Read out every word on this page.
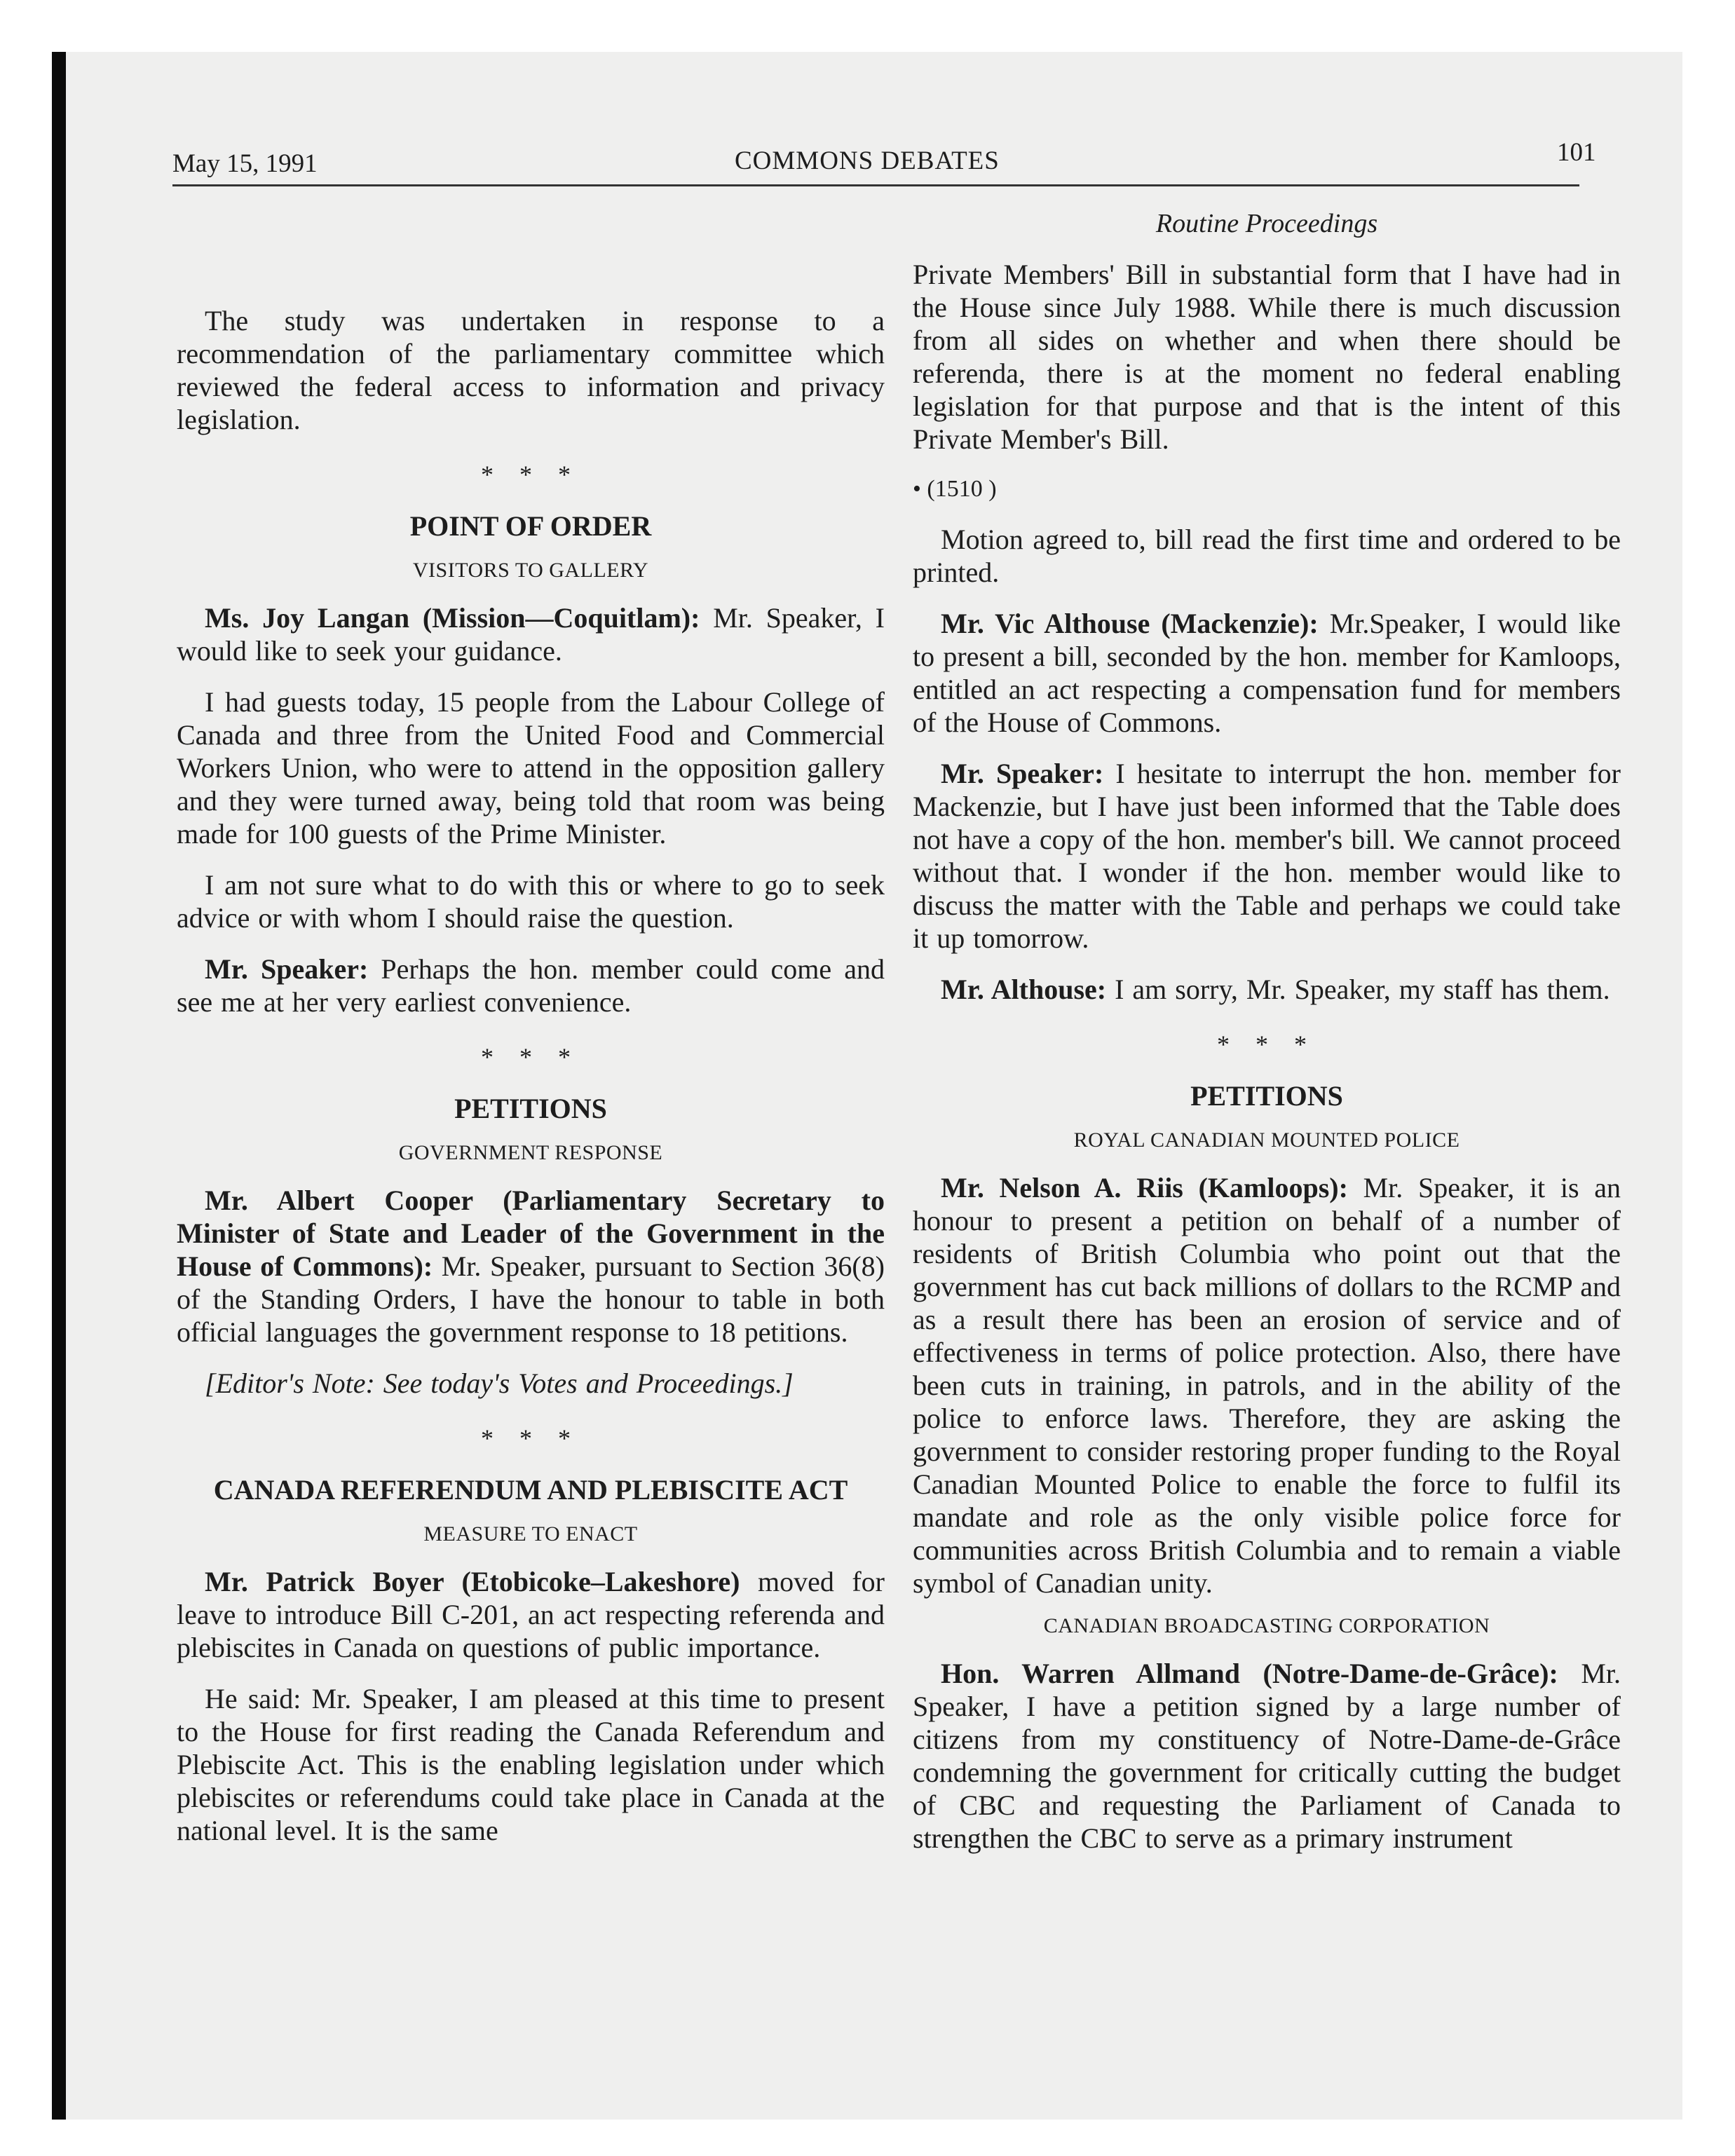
May 15, 1991	COMMONS DEBATES	101

The study was undertaken in response to a recommendation of the parliamentary committee which reviewed the federal access to information and privacy legislation.

* * *
POINT OF ORDER
VISITORS TO GALLERY

Ms. Joy Langan (Mission—Coquitlam): Mr. Speaker, I would like to seek your guidance.

I had guests today, 15 people from the Labour College of Canada and three from the United Food and Commercial Workers Union, who were to attend in the opposition gallery and they were turned away, being told that room was being made for 100 guests of the Prime Minister.

I am not sure what to do with this or where to go to seek advice or with whom I should raise the question.

Mr. Speaker: Perhaps the hon. member could come and see me at her very earliest convenience.

* * *
PETITIONS
GOVERNMENT RESPONSE

Mr. Albert Cooper (Parliamentary Secretary to Minister of State and Leader of the Government in the House of Commons): Mr. Speaker, pursuant to Section 36(8) of the Standing Orders, I have the honour to table in both official languages the government response to 18 petitions.

[Editor's Note: See today's Votes and Proceedings.]

* * *
CANADA REFERENDUM AND PLEBISCITE ACT
MEASURE TO ENACT

Mr. Patrick Boyer (Etobicoke–Lakeshore) moved for leave to introduce Bill C-201, an act respecting referenda and plebiscites in Canada on questions of public importance.

He said: Mr. Speaker, I am pleased at this time to present to the House for first reading the Canada Referendum and Plebiscite Act. This is the enabling legislation under which plebiscites or referendums could take place in Canada at the national level. It is the same

Routine Proceedings

Private Members' Bill in substantial form that I have had in the House since July 1988. While there is much discussion from all sides on whether and when there should be referenda, there is at the moment no federal enabling legislation for that purpose and that is the intent of this Private Member's Bill.

• (1510 )

Motion agreed to, bill read the first time and ordered to be printed.

Mr. Vic Althouse (Mackenzie): Mr.Speaker, I would like to present a bill, seconded by the hon. member for Kamloops, entitled an act respecting a compensation fund for members of the House of Commons.

Mr. Speaker: I hesitate to interrupt the hon. member for Mackenzie, but I have just been informed that the Table does not have a copy of the hon. member's bill. We cannot proceed without that. I wonder if the hon. member would like to discuss the matter with the Table and perhaps we could take it up tomorrow.

Mr. Althouse: I am sorry, Mr. Speaker, my staff has them.

* * *
PETITIONS
ROYAL CANADIAN MOUNTED POLICE

Mr. Nelson A. Riis (Kamloops): Mr. Speaker, it is an honour to present a petition on behalf of a number of residents of British Columbia who point out that the government has cut back millions of dollars to the RCMP and as a result there has been an erosion of service and of effectiveness in terms of police protection. Also, there have been cuts in training, in patrols, and in the ability of the police to enforce laws. Therefore, they are asking the government to consider restoring proper funding to the Royal Canadian Mounted Police to enable the force to fulfil its mandate and role as the only visible police force for communities across British Columbia and to remain a viable symbol of Canadian unity.

CANADIAN BROADCASTING CORPORATION

Hon. Warren Allmand (Notre-Dame-de-Grâce): Mr. Speaker, I have a petition signed by a large number of citizens from my constituency of Notre-Dame-de-Grâce condemning the government for critically cutting the budget of CBC and requesting the Parliament of Canada to strengthen the CBC to serve as a primary instrument
